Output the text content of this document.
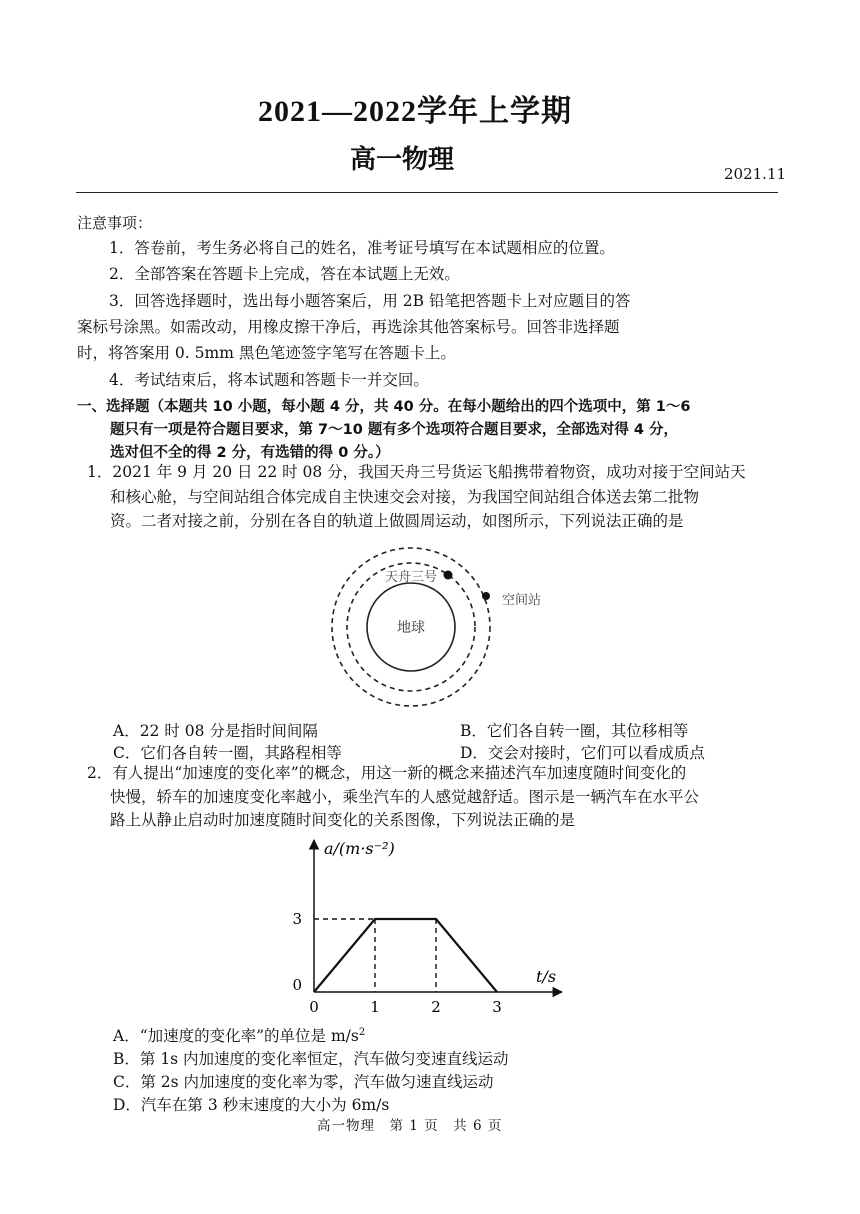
2021—2022学年上学期
高一物理	2021.11
注意事项：
1．答卷前，考生务必将自己的姓名，准考证号填写在本试题相应的位置。
2．全部答案在答题卡上完成，答在本试题上无效。
3．回答选择题时，选出每小题答案后，用 2B 铅笔把答题卡上对应题目的答
案标号涂黑。如需改动，用橡皮擦干净后，再选涂其他答案标号。回答非选择题
时，将答案用 0. 5mm 黑色笔迹签字笔写在答题卡上。
4．考试结束后，将本试题和答题卡一并交回。
一、选择题（本题共 10 小题，每小题 4 分，共 40 分。在每小题给出的四个选项中，第 1～6
题只有一项是符合题目要求，第 7～10 题有多个选项符合题目要求，全部选对得 4 分，
选对但不全的得 2 分，有选错的得 0 分。）
1．2021 年 9 月 20 日 22 时 08 分，我国天舟三号货运飞船携带着物资，成功对接于空间站天
和核心舱，与空间站组合体完成自主快速交会对接，为我国空间站组合体送去第二批物
资。二者对接之前，分别在各自的轨道上做圆周运动，如图所示，下列说法正确的是
地球
天舟三号
空间站
A．22 时 08 分是指时间间隔	B．它们各自转一圈，其位移相等
C．它们各自转一圈，其路程相等	D．交会对接时，它们可以看成质点
2．有人提出“加速度的变化率”的概念，用这一新的概念来描述汽车加速度随时间变化的
快慢，轿车的加速度变化率越小，乘坐汽车的人感觉越舒适。图示是一辆汽车在水平公
路上从静止启动时加速度随时间变化的关系图像，下列说法正确的是
a/(m·s⁻²)
t/s
0	1	2	3
0
3
A．“加速度的变化率”的单位是 $m/s^2$
B．第 1s 内加速度的变化率恒定，汽车做匀变速直线运动
C．第 2s 内加速度的变化率为零，汽车做匀速直线运动
D．汽车在第 3 秒末速度的大小为 6m/s
高一物理　第 1 页　共 6 页
